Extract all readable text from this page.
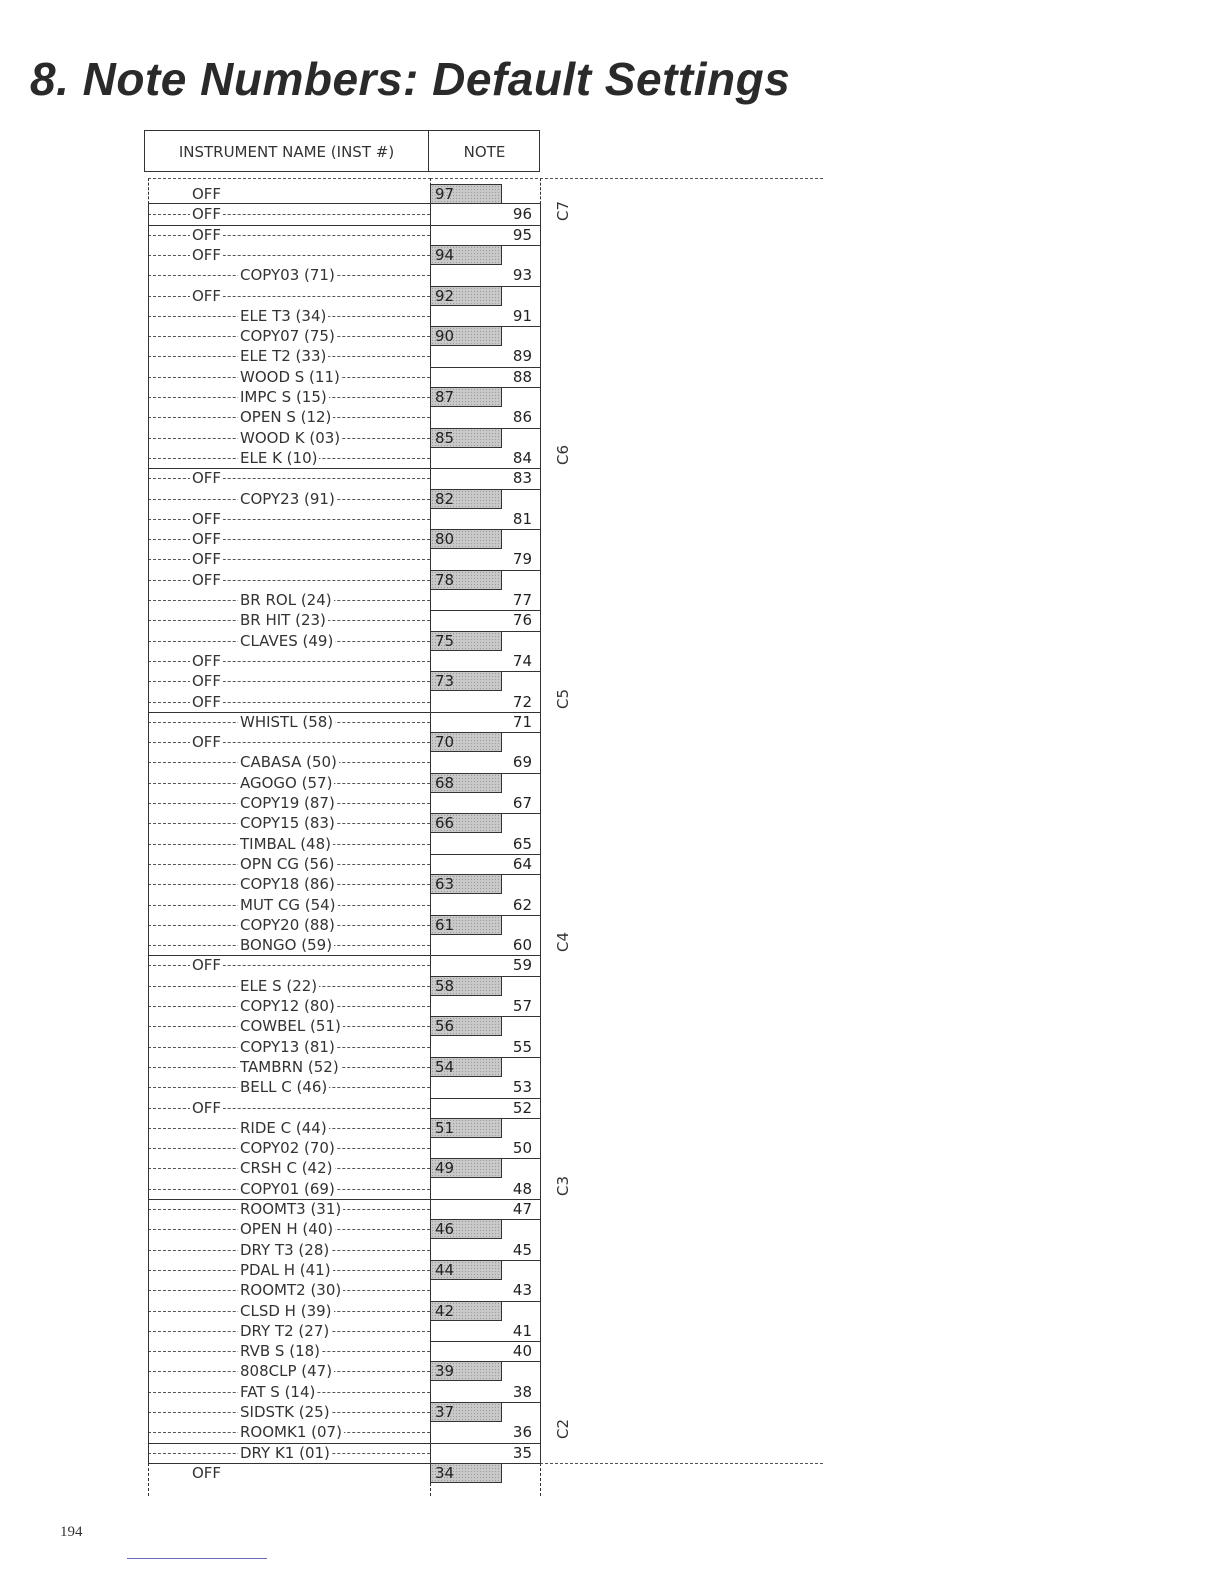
8. Note Numbers: Default Settings
INSTRUMENT NAME (INST #)	NOTE
OFF	97
OFF	96
OFF	95
OFF	94
COPY03 (71)	93
OFF	92
ELE T3 (34)	91
COPY07 (75)	90
ELE T2 (33)	89
WOOD S (11)	88
IMPC S (15)	87
OPEN S (12)	86
WOOD K (03)	85
ELE K (10)	84
OFF	83
COPY23 (91)	82
OFF	81
OFF	80
OFF	79
OFF	78
BR ROL (24)	77
BR HIT (23)	76
CLAVES (49)	75
OFF	74
OFF	73
OFF	72
WHISTL (58)	71
OFF	70
CABASA (50)	69
AGOGO (57)	68
COPY19 (87)	67
COPY15 (83)	66
TIMBAL (48)	65
OPN CG (56)	64
COPY18 (86)	63
MUT CG (54)	62
COPY20 (88)	61
BONGO (59)	60
OFF	59
ELE S (22)	58
COPY12 (80)	57
COWBEL (51)	56
COPY13 (81)	55
TAMBRN (52)	54
BELL C (46)	53
OFF	52
RIDE C (44)	51
COPY02 (70)	50
CRSH C (42)	49
COPY01 (69)	48
ROOMT3 (31)	47
OPEN H (40)	46
DRY T3 (28)	45
PDAL H (41)	44
ROOMT2 (30)	43
CLSD H (39)	42
DRY T2 (27)	41
RVB S (18)	40
808CLP (47)	39
FAT S (14)	38
SIDSTK (25)	37
ROOMK1 (07)	36
DRY K1 (01)	35
OFF	34
C7
C6
C5
C4
C3
C2
194
